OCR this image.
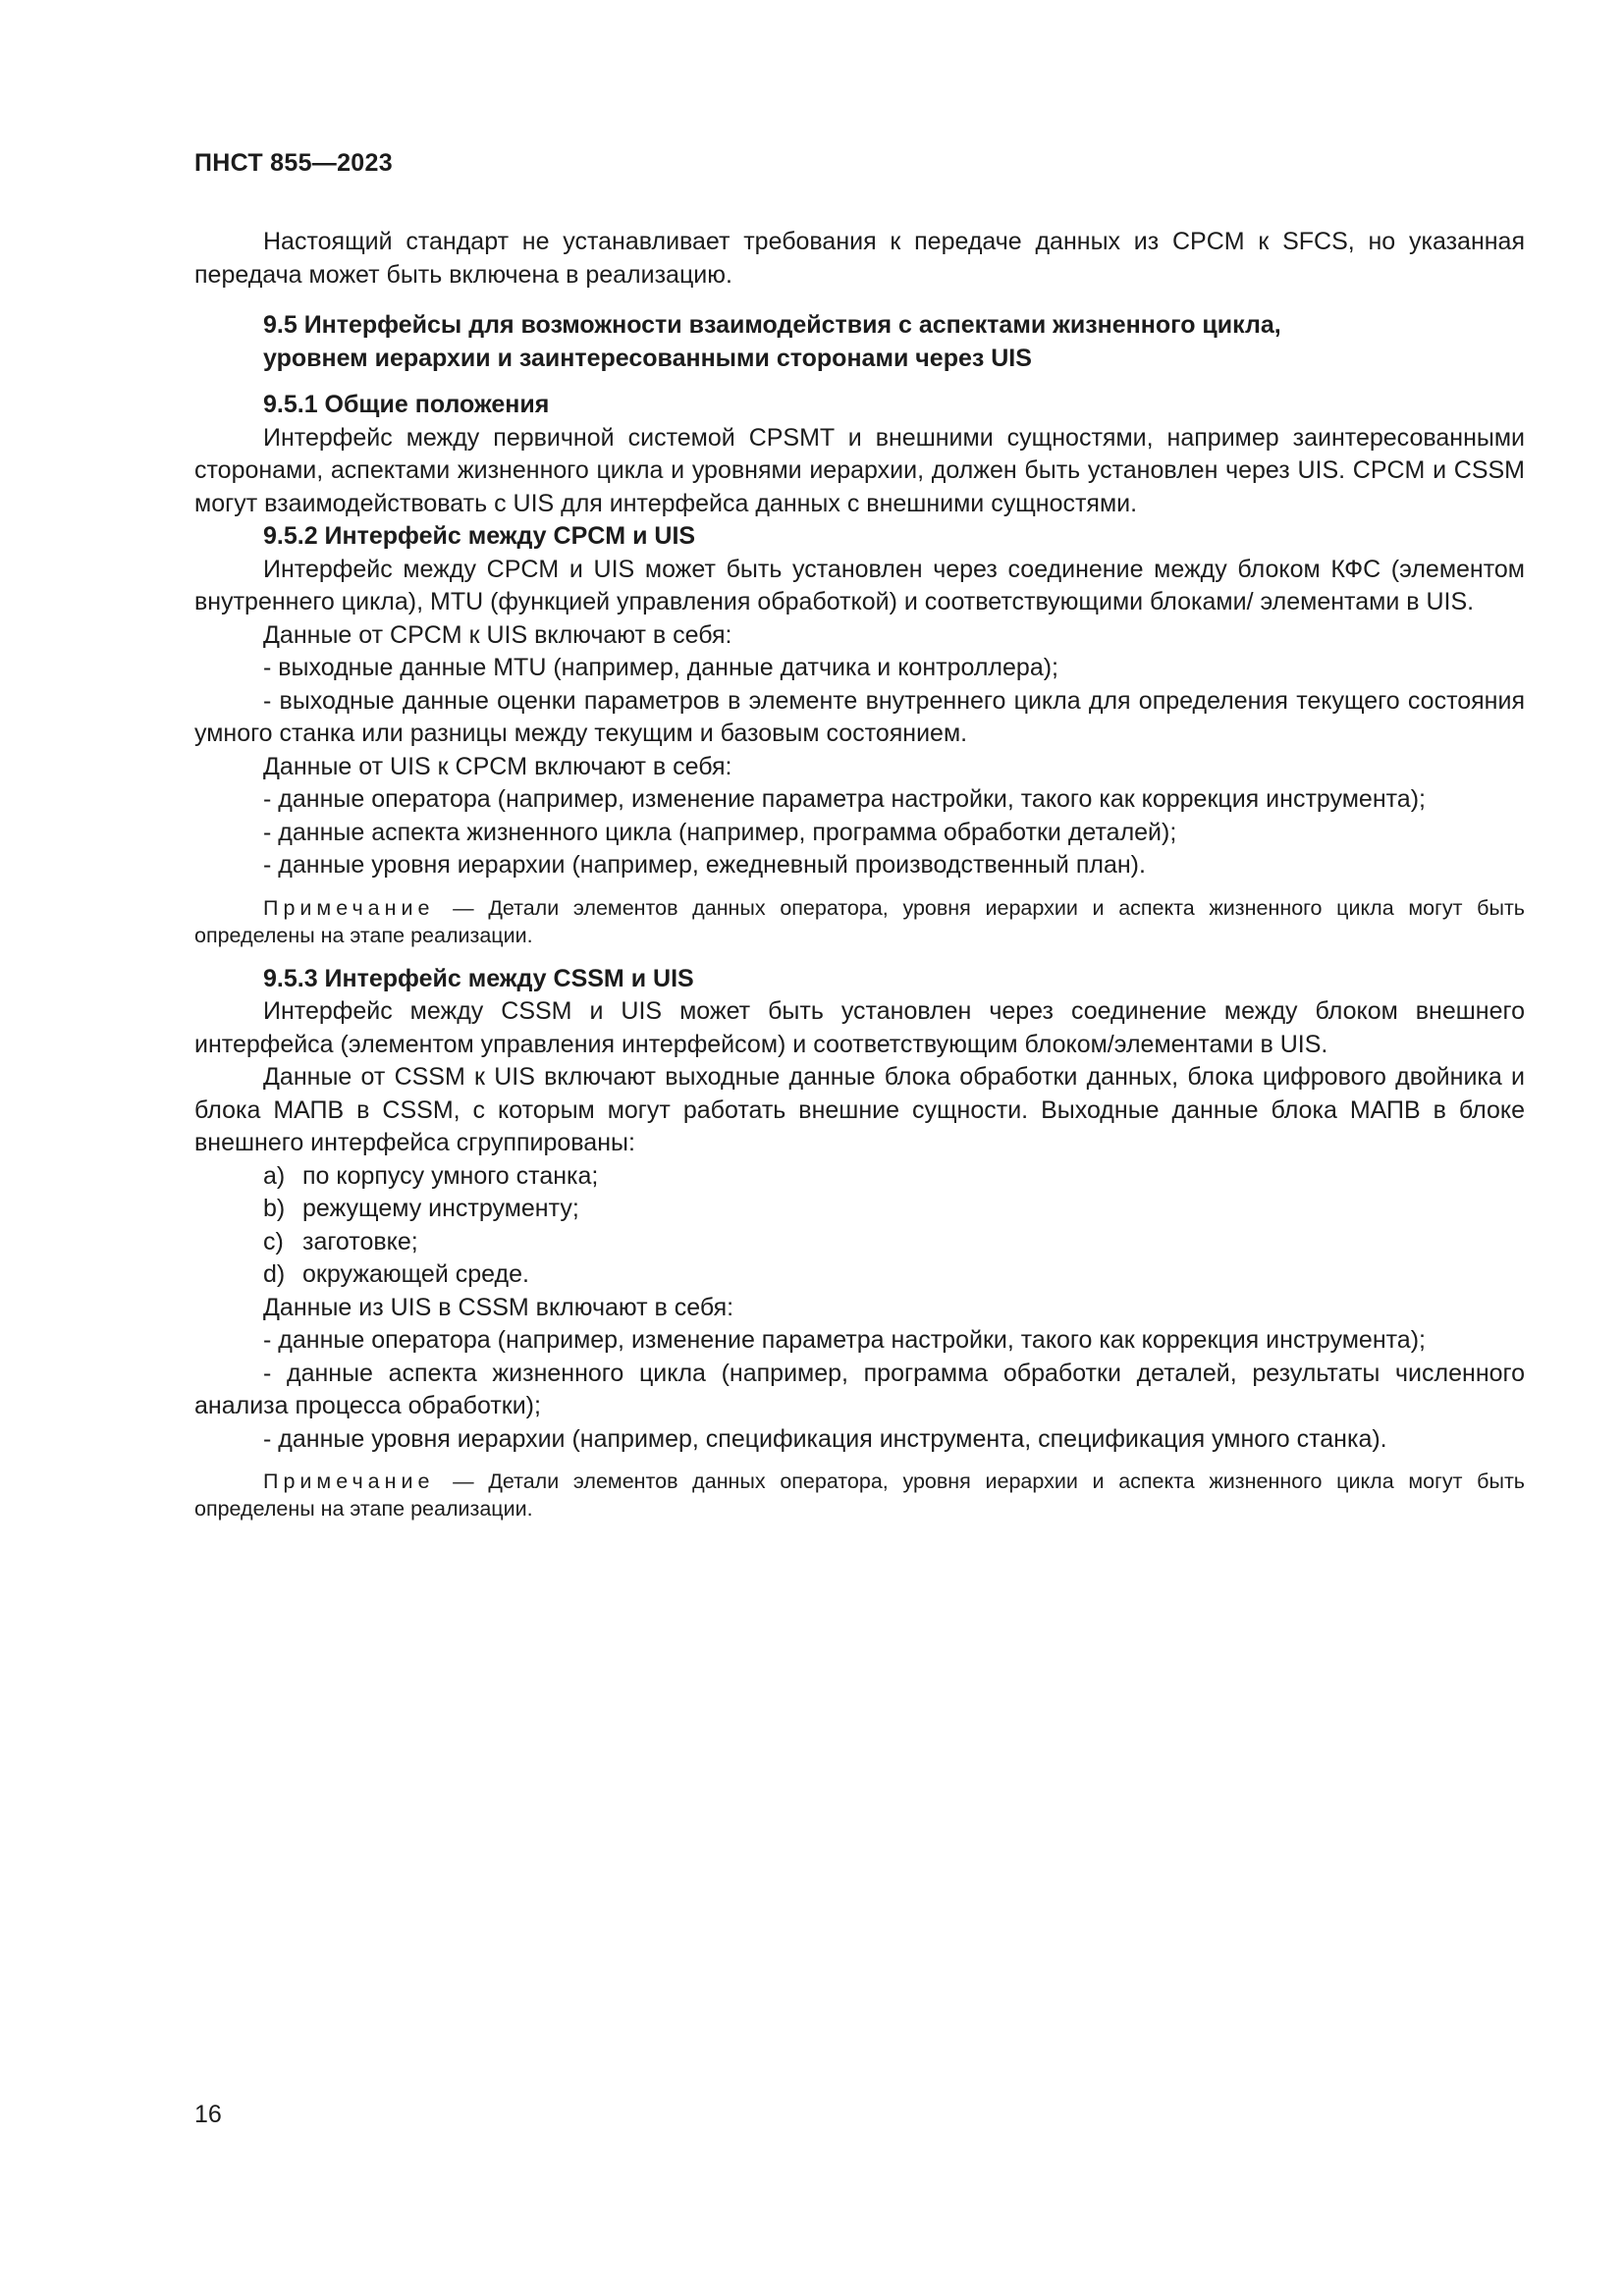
ПНСТ 855—2023

Настоящий стандарт не устанавливает требования к передаче данных из CPCM к SFCS, но указанная передача может быть включена в реализацию.

9.5 Интерфейсы для возможности взаимодействия с аспектами жизненного цикла,
уровнем иерархии и заинтересованными сторонами через UIS
9.5.1 Общие положения

Интерфейс между первичной системой CPSMT и внешними сущностями, например заинтересованными сторонами, аспектами жизненного цикла и уровнями иерархии, должен быть установлен через UIS. CPCM и CSSM могут взаимодействовать с UIS для интерфейса данных с внешними сущностями.

9.5.2 Интерфейс между CPCM и UIS

Интерфейс между CPCM и UIS может быть установлен через соединение между блоком КФС (элементом внутреннего цикла), MTU (функцией управления обработкой) и соответствующими блоками/ элементами в UIS.

Данные от CPCM к UIS включают в себя:

- выходные данные MTU (например, данные датчика и контроллера);

- выходные данные оценки параметров в элементе внутреннего цикла для определения текущего состояния умного станка или разницы между текущим и базовым состоянием.

Данные от UIS к CPCM включают в себя:

- данные оператора (например, изменение параметра настройки, такого как коррекция инструмента);

- данные аспекта жизненного цикла (например, программа обработки деталей);

- данные уровня иерархии (например, ежедневный производственный план).

Примечание — Детали элементов данных оператора, уровня иерархии и аспекта жизненного цикла могут быть определены на этапе реализации.

9.5.3 Интерфейс между CSSM и UIS

Интерфейс между CSSM и UIS может быть установлен через соединение между блоком внешнего интерфейса (элементом управления интерфейсом) и соответствующим блоком/элементами в UIS.

Данные от CSSM к UIS включают выходные данные блока обработки данных, блока цифрового двойника и блока МАПВ в CSSM, с которым могут работать внешние сущности. Выходные данные блока МАПВ в блоке внешнего интерфейса сгруппированы:

a) по корпусу умного станка;
b) режущему инструменту;
c) заготовке;
d) окружающей среде.

Данные из UIS в CSSM включают в себя:

- данные оператора (например, изменение параметра настройки, такого как коррекция инструмента);

- данные аспекта жизненного цикла (например, программа обработки деталей, результаты численного анализа процесса обработки);

- данные уровня иерархии (например, спецификация инструмента, спецификация умного станка).

Примечание — Детали элементов данных оператора, уровня иерархии и аспекта жизненного цикла могут быть определены на этапе реализации.

16
